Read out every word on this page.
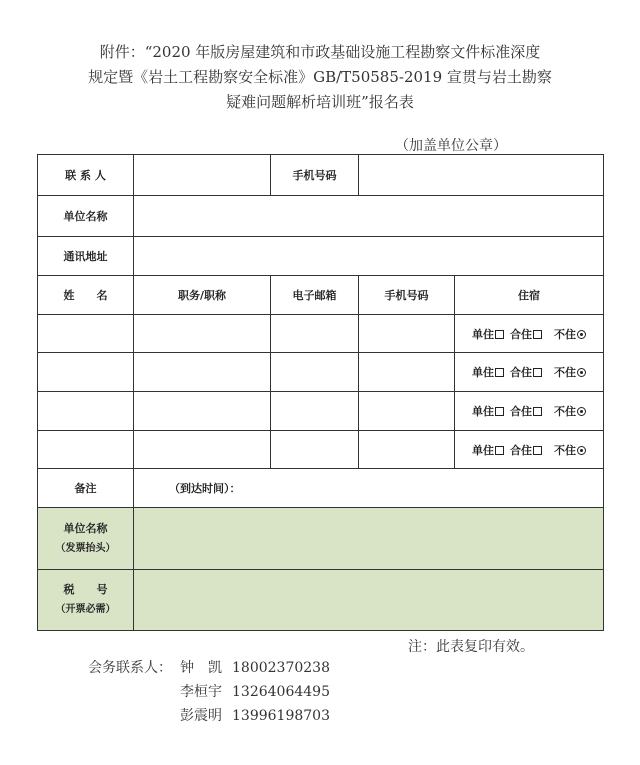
附件：“2020 年版房屋建筑和市政基础设施工程勘察文件标准深度
规定暨《岩土工程勘察安全标准》GB/T50585-2019 宣贯与岩土勘察
疑难问题解析培训班”报名表
（加盖单位公章）
联 系 人		手机号码		
单位名称				
通讯地址				
姓　　名	职务/职称	电子邮箱	手机号码	住宿
				单住 合住 不住
				单住 合住 不住
				单住 合住 不住
				单住 合住 不住
备注	（到达时间）：			

单位名称
（发票抬头）				

税　　号
（开票必需）				

注：此表复印有效。
会务联系人： 钟　凯 18002370238
李桓宇 13264064495
彭震明 13996198703
